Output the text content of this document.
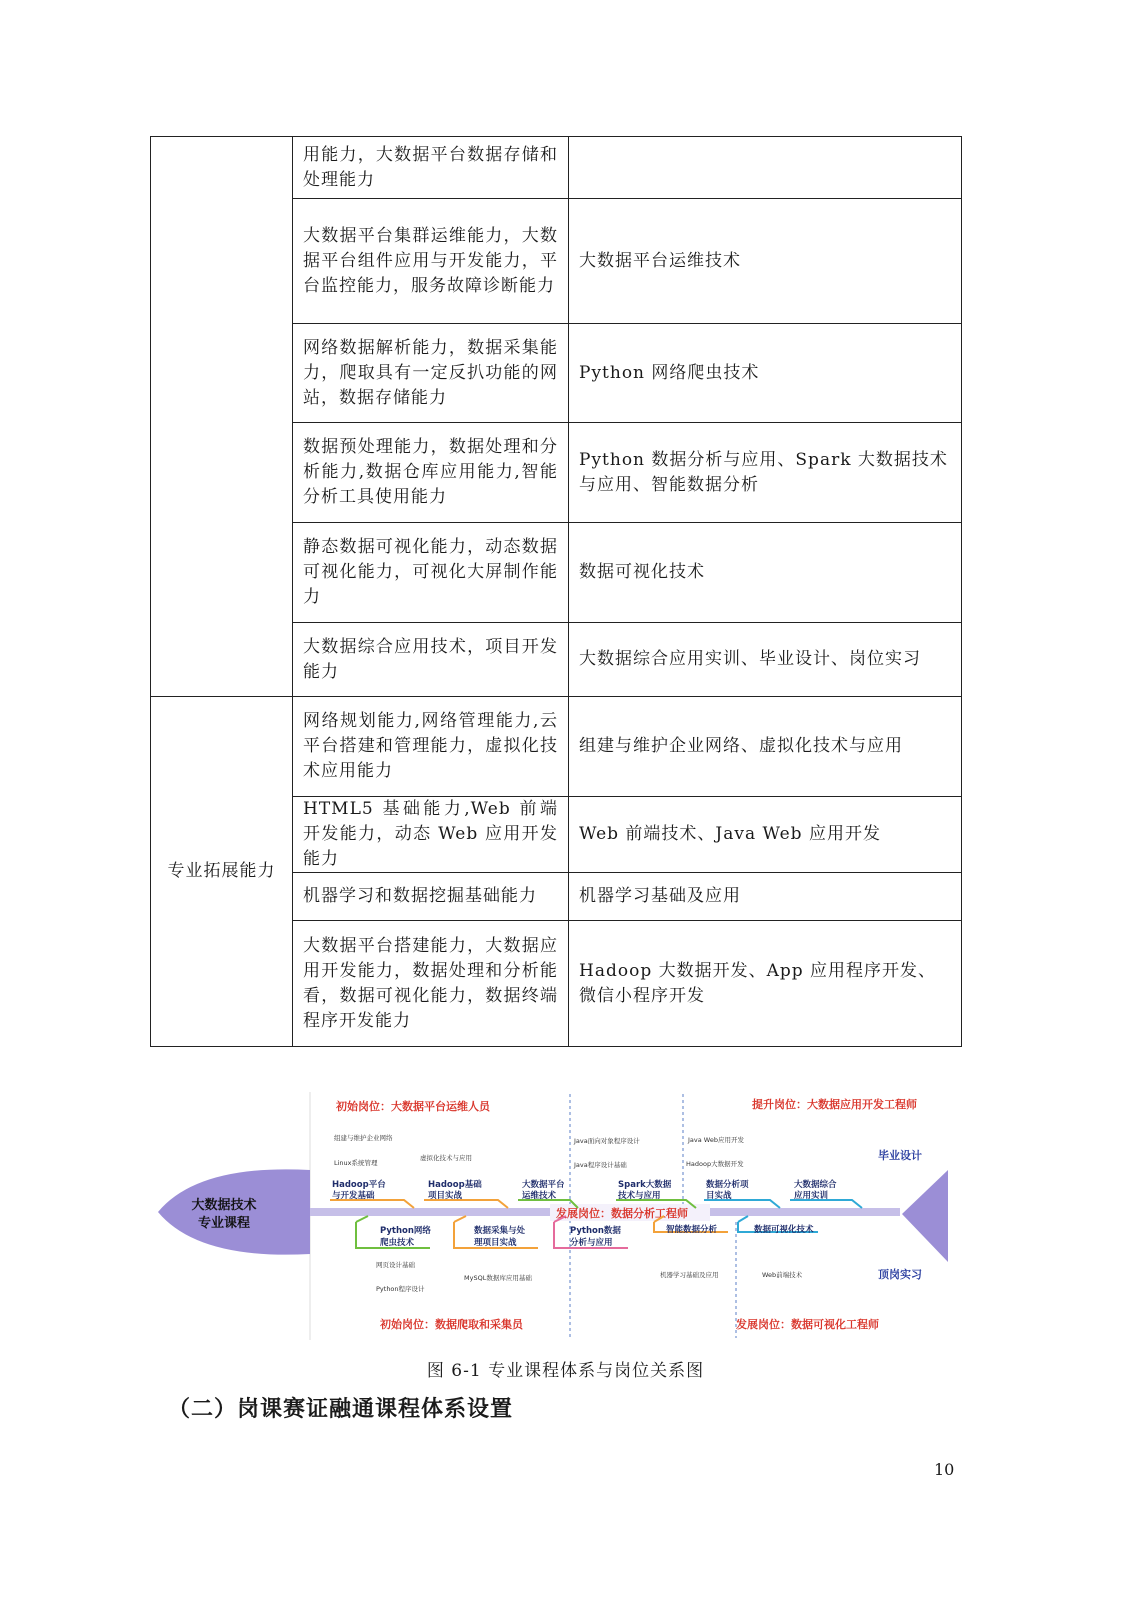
	用能力，大数据平台数据存储和处理能力	
	大数据平台集群运维能力，大数据平台组件应用与开发能力，平台监控能力，服务故障诊断能力	大数据平台运维技术
	网络数据解析能力，数据采集能力，爬取具有一定反扒功能的网站，数据存储能力	Python 网络爬虫技术
	数据预处理能力，数据处理和分析能力,数据仓库应用能力,智能分析工具使用能力	Python 数据分析与应用、Spark 大数据技术与应用、智能数据分析
	静态数据可视化能力，动态数据可视化能力，可视化大屏制作能力	数据可视化技术
	大数据综合应用技术，项目开发能力	大数据综合应用实训、毕业设计、岗位实习
专业拓展能力	网络规划能力,网络管理能力,云平台搭建和管理能力，虚拟化技术应用能力	组建与维护企业网络、虚拟化技术与应用
	HTML5 基础能力,Web 前端开发能力，动态 Web 应用开发能力	Web 前端技术、Java Web 应用开发
	机器学习和数据挖掘基础能力	机器学习基础及应用
	大数据平台搭建能力，大数据应用开发能力，数据处理和分析能看，数据可视化能力，数据终端程序开发能力	Hadoop 大数据开发、App 应用程序开发、微信小程序开发
大数据技术
专业课程
初始岗位：大数据平台运维人员	提升岗位：大数据应用开发工程师
发展岗位：数据分析工程师
初始岗位：数据爬取和采集员	发展岗位：数据可视化工程师
毕业设计
顶岗实习
组建与维护企业网络
Linux系统管理
虚拟化技术与应用
Java面向对象程序设计
Java程序设计基础
Java Web应用开发
Hadoop大数据开发
网页设计基础
Python程序设计
MySQL数据库应用基础	机器学习基础及应用	Web前端技术
Hadoop平台
与开发基础
Hadoop基础
项目实战
大数据平台
运维技术
Spark大数据
技术与应用
数据分析项
目实战
大数据综合
应用实训
Python网络
爬虫技术
数据采集与处
理项目实战
Python数据
分析与应用
智能数据分析	数据可视化技术
图 6-1 专业课程体系与岗位关系图
（二）岗课赛证融通课程体系设置
10
